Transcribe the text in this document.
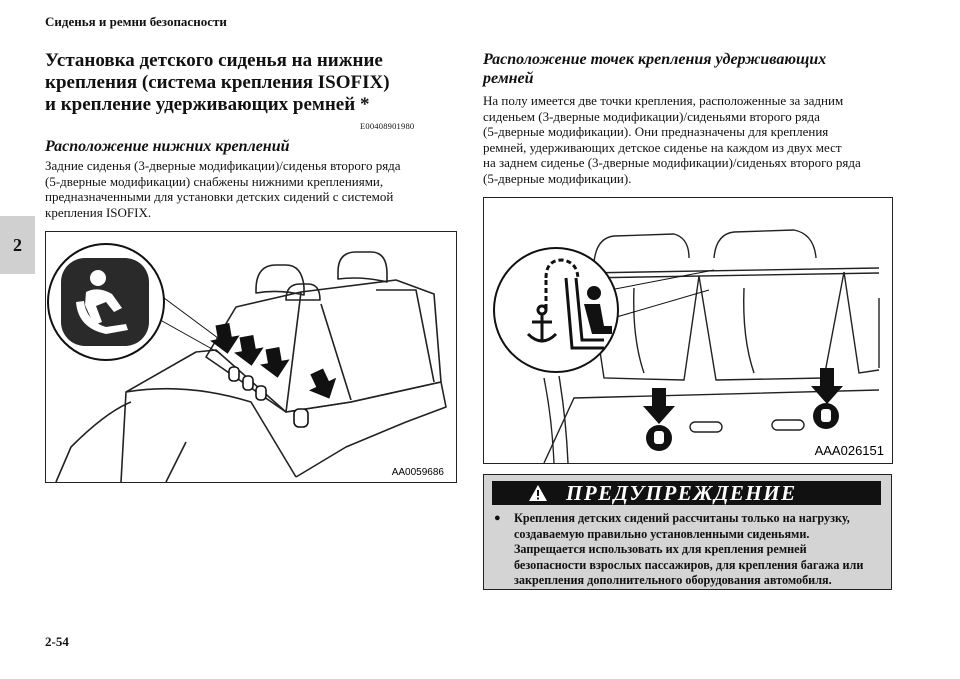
Сиденья и ремни безопасности
2
Установка детского сиденья на нижние
крепления (система крепления ISOFIX)
и крепление удерживающих ремней *
E00408901980
Расположение нижних креплений

Задние сиденья (3-дверные модификации)/сиденья второго ряда
(5-дверные модификации) снабжены нижними креплениями,
предназначенными для установки детских сидений с системой
крепления ISOFIX.

AA0059686
Расположение точек крепления удерживающих
ремней

На полу имеется две точки крепления, расположенные за задним
сиденьем (3-дверные модификации)/сиденьями второго ряда
(5-дверные модификации). Они предназначены для крепления
ремней, удерживающих детское сиденье на каждом из двух мест
на заднем сиденье (3-дверные модификации)/сиденьях второго ряда
(5-дверные модификации).

AAA026151
ПРЕДУПРЕЖДЕНИЕ
●	Крепления детских сидений рассчитаны только на нагрузку,
создаваемую правильно установленными сиденьями.
Запрещается использовать их для крепления ремней
безопасности взрослых пассажиров, для крепления багажа или
закрепления дополнительного оборудования автомобиля.
2-54
